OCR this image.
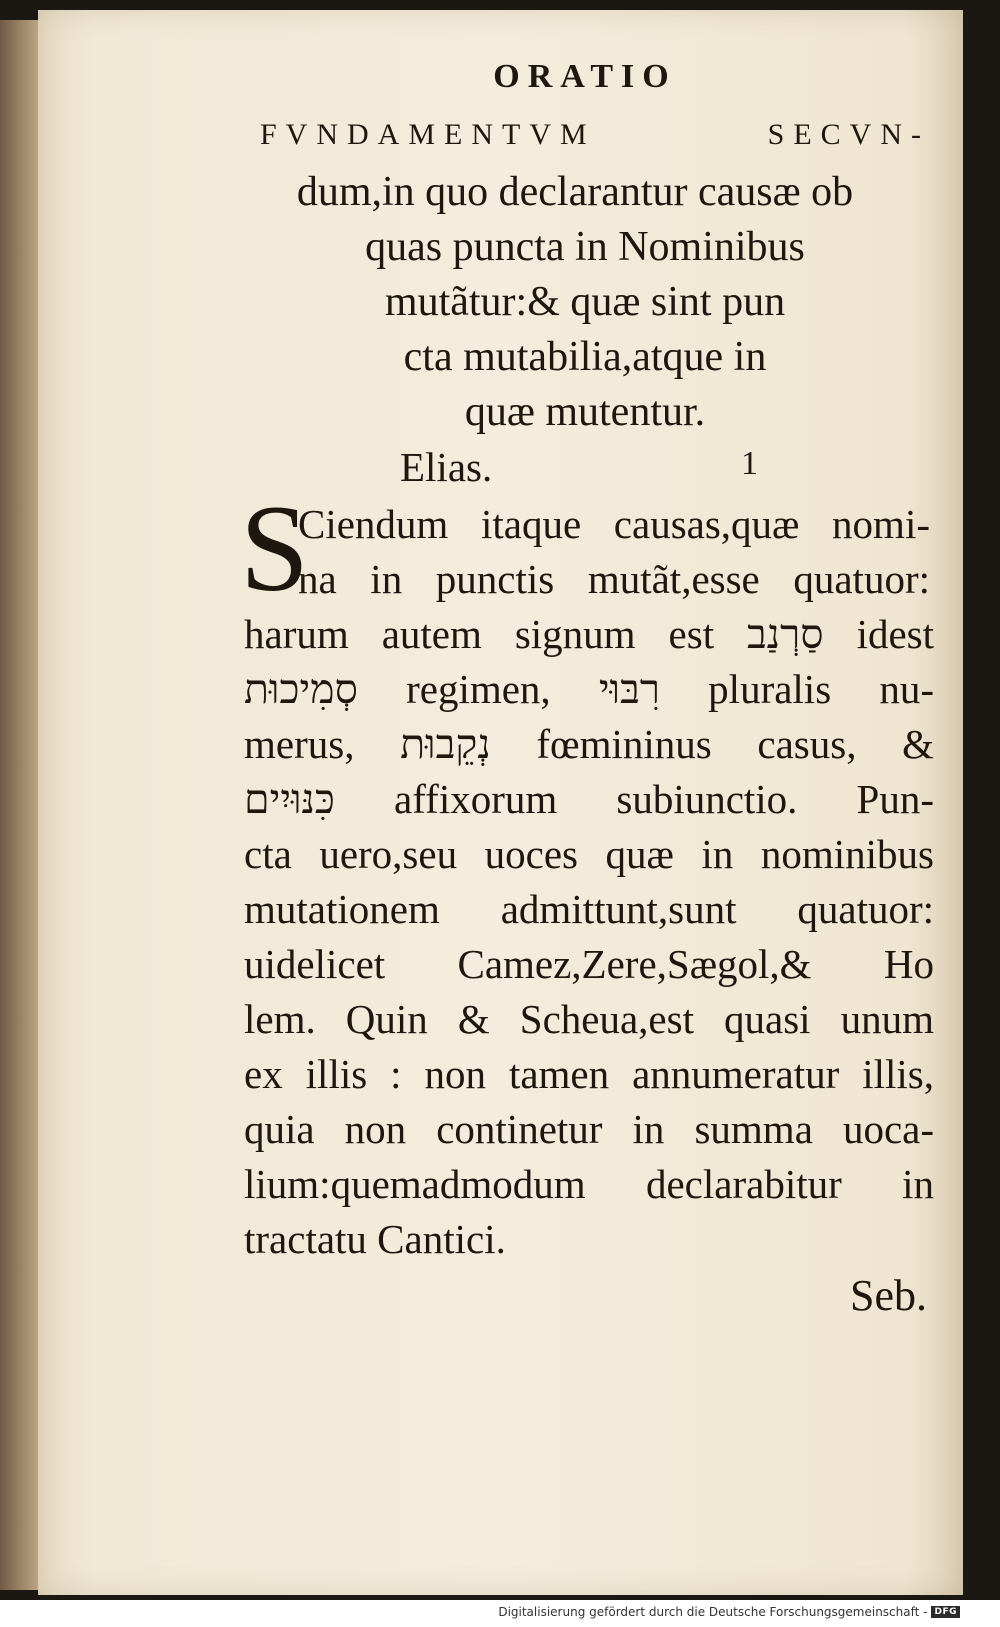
ORATIO
FVNDAMENTVM SECVN-
dum,in quo declarantur causæ ob
quas puncta in Nominibus
mutãtur:& quæ sint pun
cta mutabilia,atque in
quæ mutentur.
Elias.	1
S
Ciendum itaque causas,quæ nomi-
na in punctis mutãt,esse quatuor:
harum autem signum est סַרְנַב idest
סְמִיכוּת regimen, רִבּוּי pluralis nu-
merus, נְקֵבוּת fœmininus casus, &
כִּנּוּיִים affixorum subiunctio. Pun-
cta uero,seu uoces quæ in nominibus
mutationem admittunt,sunt quatuor:
uidelicet Camez,Zere,Sægol,& Ho
lem. Quin & Scheua,est quasi unum
ex illis : non tamen annumeratur illis,
quia non continetur in summa uoca-
lium:quemadmodum declarabitur in
tractatu Cantici.
Seb.
Digitalisierung gefördert durch die Deutsche Forschungsgemeinschaft - DFG
